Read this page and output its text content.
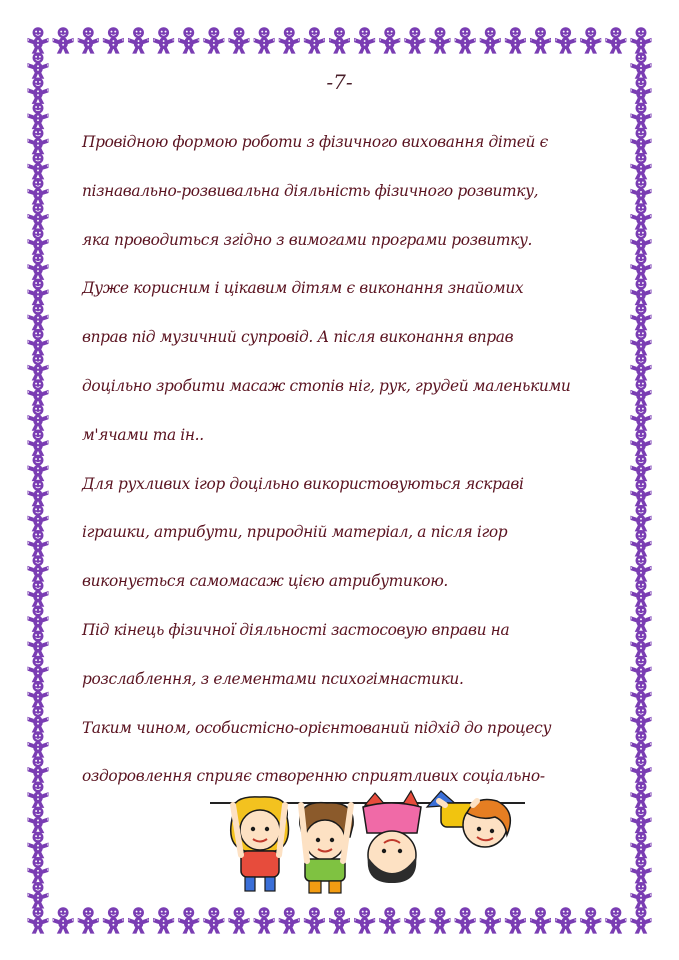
-7-
Провідною формою роботи з фізичного виховання дітей є
пізнавально-розвивальна діяльність фізичного розвитку,
яка проводиться згідно з вимогами програми розвитку.
Дуже корисним і цікавим дітям є виконання знайомих
вправ під музичний супровід. А після виконання вправ
доцільно зробити масаж стопів ніг, рук, грудей маленькими
м'ячами та ін..
Для рухливих ігор доцільно використовуються яскраві
іграшки, атрибути, природній матеріал, а після ігор
виконується самомасаж цією атрибутикою.
Під кінець фізичної діяльності застосовую вправи на
розслаблення, з елементами психогімнастики.
Таким чином, особистісно-орієнтований підхід до процесу
оздоровлення сприяє створенню сприятливих соціально-
